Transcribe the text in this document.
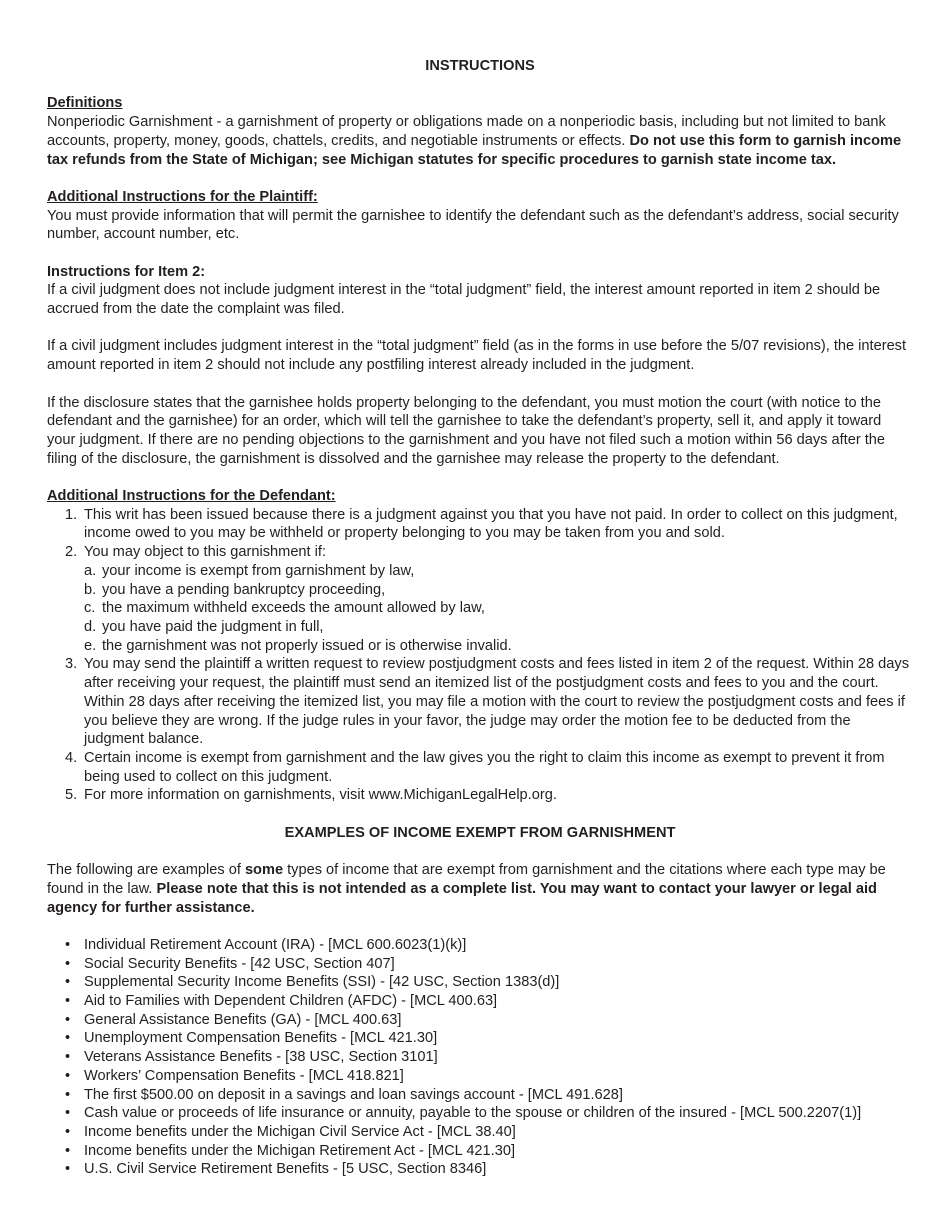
INSTRUCTIONS
Definitions

Nonperiodic Garnishment - a garnishment of property or obligations made on a nonperiodic basis, including but not limited to bank accounts, property, money, goods, chattels, credits, and negotiable instruments or effects. Do not use this form to garnish income tax refunds from the State of Michigan; see Michigan statutes for specific procedures to garnish state income tax.

Additional Instructions for the Plaintiff:

You must provide information that will permit the garnishee to identify the defendant such as the defendant’s address, social security number, account number, etc.

Instructions for Item 2:

If a civil judgment does not include judgment interest in the “total judgment” field, the interest amount reported in item 2 should be accrued from the date the complaint was filed.

If a civil judgment includes judgment interest in the “total judgment” field (as in the forms in use before the 5/07 revisions), the interest amount reported in item 2 should not include any postfiling interest already included in the judgment.

If the disclosure states that the garnishee holds property belonging to the defendant, you must motion the court (with notice to the defendant and the garnishee) for an order, which will tell the garnishee to take the defendant’s property, sell it, and apply it toward your judgment. If there are no pending objections to the garnishment and you have not filed such a motion within 56 days after the filing of the disclosure, the garnishment is dissolved and the garnishee may release the property to the defendant.

Additional Instructions for the Defendant:
1. This writ has been issued because there is a judgment against you that you have not paid. In order to collect on this judgment, income owed to you may be withheld or property belonging to you may be taken from you and sold.
2. You may object to this garnishment if:
a. your income is exempt from garnishment by law,
b. you have a pending bankruptcy proceeding,
c. the maximum withheld exceeds the amount allowed by law,
d. you have paid the judgment in full,
e. the garnishment was not properly issued or is otherwise invalid.
3. You may send the plaintiff a written request to review postjudgment costs and fees listed in item 2 of the request. Within 28 days after receiving your request, the plaintiff must send an itemized list of the postjudgment costs and fees to you and the court. Within 28 days after receiving the itemized list, you may file a motion with the court to review the postjudgment costs and fees if you believe they are wrong. If the judge rules in your favor, the judge may order the motion fee to be deducted from the judgment balance.
4. Certain income is exempt from garnishment and the law gives you the right to claim this income as exempt to prevent it from being used to collect on this judgment.
5. For more information on garnishments, visit www.MichiganLegalHelp.org.
EXAMPLES OF INCOME EXEMPT FROM GARNISHMENT

The following are examples of some types of income that are exempt from garnishment and the citations where each type may be found in the law. Please note that this is not intended as a complete list. You may want to contact your lawyer or legal aid agency for further assistance.

• Individual Retirement Account (IRA) - [MCL 600.6023(1)(k)]
• Social Security Benefits - [42 USC, Section 407]
• Supplemental Security Income Benefits (SSI) - [42 USC, Section 1383(d)]
• Aid to Families with Dependent Children (AFDC) - [MCL 400.63]
• General Assistance Benefits (GA) - [MCL 400.63]
• Unemployment Compensation Benefits - [MCL 421.30]
• Veterans Assistance Benefits - [38 USC, Section 3101]
• Workers’ Compensation Benefits - [MCL 418.821]
• The first $500.00 on deposit in a savings and loan savings account - [MCL 491.628]
• Cash value or proceeds of life insurance or annuity, payable to the spouse or children of the insured - [MCL 500.2207(1)]
• Income benefits under the Michigan Civil Service Act - [MCL 38.40]
• Income benefits under the Michigan Retirement Act - [MCL 421.30]
• U.S. Civil Service Retirement Benefits - [5 USC, Section 8346]
